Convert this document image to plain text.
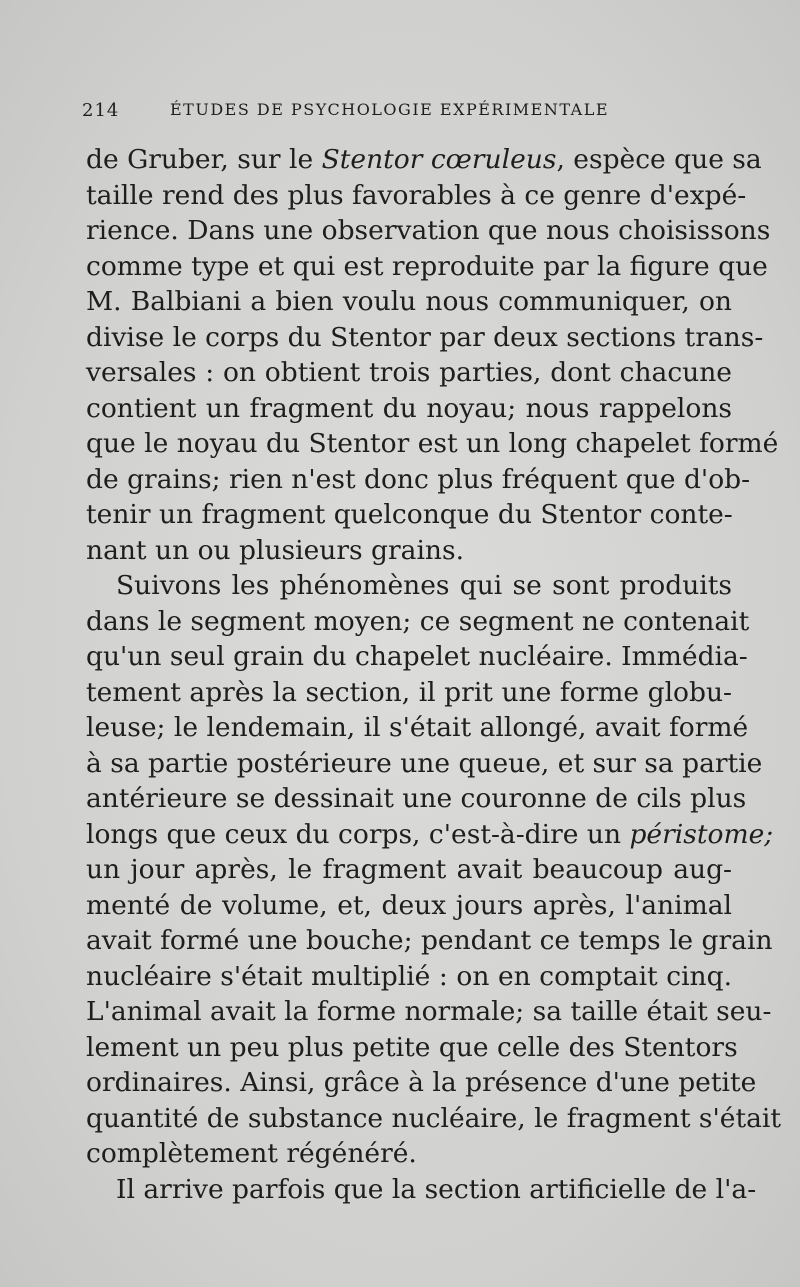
214	ÉTUDES DE PSYCHOLOGIE EXPÉRIMENTALE
de Gruber, sur le Stentor cœruleus, espèce que sa
taille rend des plus favorables à ce genre d'expé-
rience. Dans une observation que nous choisissons
comme type et qui est reproduite par la figure que
M. Balbiani a bien voulu nous communiquer, on
divise le corps du Stentor par deux sections trans-
versales : on obtient trois parties, dont chacune
contient un fragment du noyau; nous rappelons
que le noyau du Stentor est un long chapelet formé
de grains; rien n'est donc plus fréquent que d'ob-
tenir un fragment quelconque du Stentor conte-
nant un ou plusieurs grains.
Suivons les phénomènes qui se sont produits
dans le segment moyen; ce segment ne contenait
qu'un seul grain du chapelet nucléaire. Immédia-
tement après la section, il prit une forme globu-
leuse; le lendemain, il s'était allongé, avait formé
à sa partie postérieure une queue, et sur sa partie
antérieure se dessinait une couronne de cils plus
longs que ceux du corps, c'est-à-dire un péristome;
un jour après, le fragment avait beaucoup aug-
menté de volume, et, deux jours après, l'animal
avait formé une bouche; pendant ce temps le grain
nucléaire s'était multiplié : on en comptait cinq.
L'animal avait la forme normale; sa taille était seu-
lement un peu plus petite que celle des Stentors
ordinaires. Ainsi, grâce à la présence d'une petite
quantité de substance nucléaire, le fragment s'était
complètement régénéré.
Il arrive parfois que la section artificielle de l'a-
